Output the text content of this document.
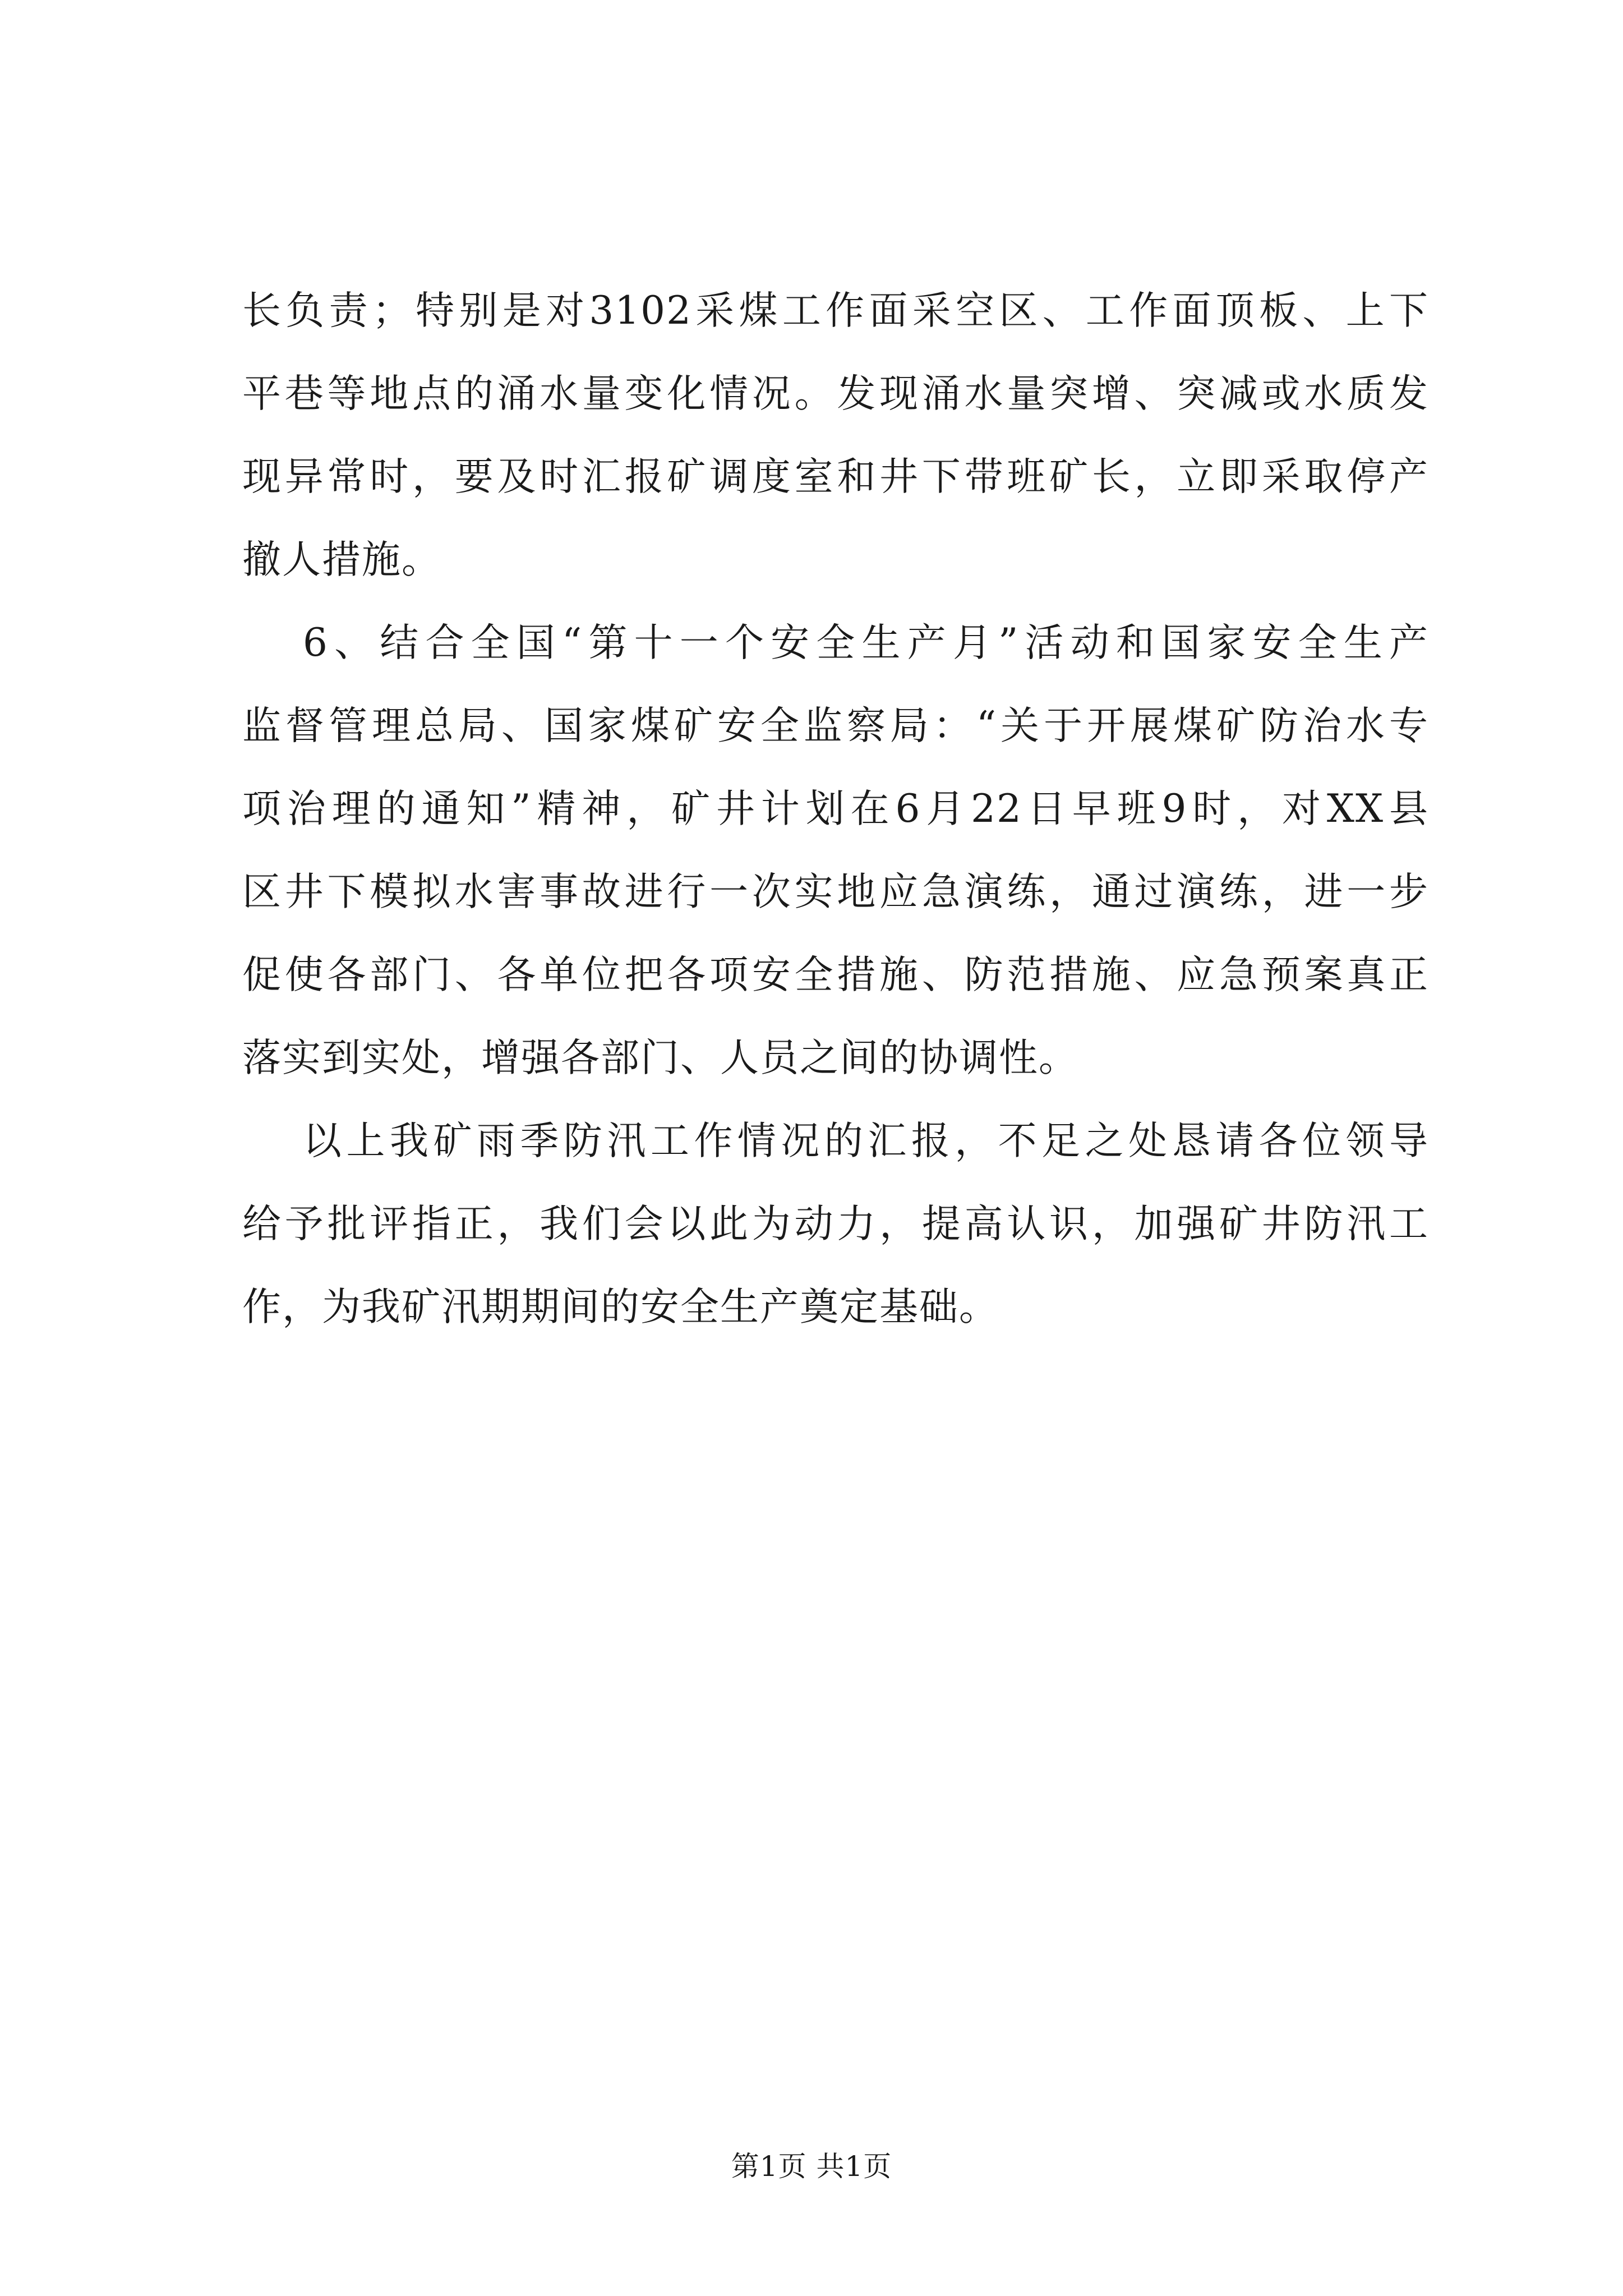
长负责；特别是对3102采煤工作面采空区、工作面顶板、上下
平巷等地点的涌水量变化情况。发现涌水量突增、突减或水质发
现异常时，要及时汇报矿调度室和井下带班矿长，立即采取停产
撤人措施。
6、结合全国“第十一个安全生产月”活动和国家安全生产
监督管理总局、国家煤矿安全监察局：“关于开展煤矿防治水专
项治理的通知”精神，矿井计划在6月22日早班9时，对XX县
区井下模拟水害事故进行一次实地应急演练，通过演练，进一步
促使各部门、各单位把各项安全措施、防范措施、应急预案真正
落实到实处，增强各部门、人员之间的协调性。
以上我矿雨季防汛工作情况的汇报，不足之处恳请各位领导
给予批评指正，我们会以此为动力，提高认识，加强矿井防汛工
作，为我矿汛期期间的安全生产奠定基础。
第1页 共1页
